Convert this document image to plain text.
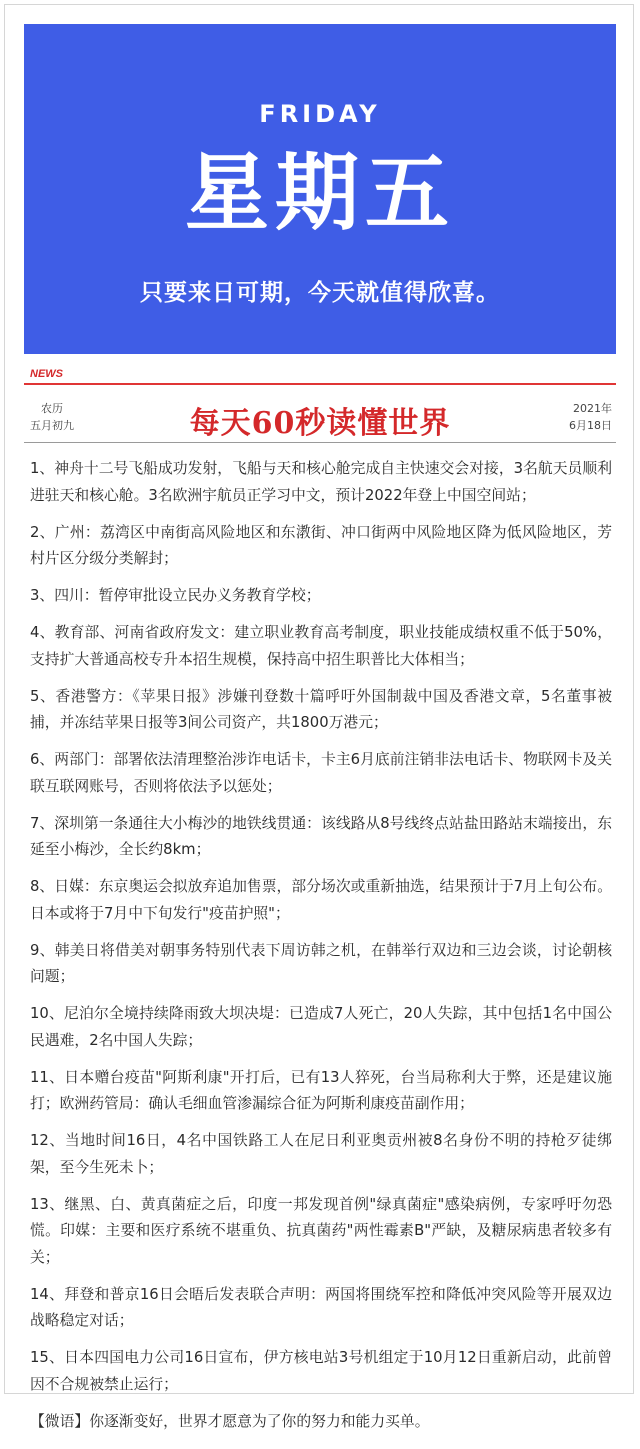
FRIDAY
星期五
只要来日可期，今天就值得欣喜。
NEWS
农历
五月初九	每天60秒读懂世界	2021年
6月18日

1、神舟十二号飞船成功发射，飞船与天和核心舱完成自主快速交会对接，3名航天员顺利进驻天和核心舱。3名欧洲宇航员正学习中文，预计2022年登上中国空间站；

2、广州：荔湾区中南街高风险地区和东漖街、冲口街两中风险地区降为低风险地区，芳村片区分级分类解封；

3、四川：暂停审批设立民办义务教育学校；

4、教育部、河南省政府发文：建立职业教育高考制度，职业技能成绩权重不低于50%，支持扩大普通高校专升本招生规模，保持高中招生职普比大体相当；

5、香港警方：《苹果日报》涉嫌刊登数十篇呼吁外国制裁中国及香港文章，5名董事被捕，并冻结苹果日报等3间公司资产，共1800万港元；

6、两部门：部署依法清理整治涉诈电话卡，卡主6月底前注销非法电话卡、物联网卡及关联互联网账号，否则将依法予以惩处；

7、深圳第一条通往大小梅沙的地铁线贯通：该线路从8号线终点站盐田路站末端接出，东延至小梅沙，全长约8km；

8、日媒：东京奥运会拟放弃追加售票，部分场次或重新抽选，结果预计于7月上旬公布。日本或将于7月中下旬发行"疫苗护照"；

9、韩美日将借美对朝事务特别代表下周访韩之机，在韩举行双边和三边会谈，讨论朝核问题；

10、尼泊尔全境持续降雨致大坝决堤：已造成7人死亡，20人失踪，其中包括1名中国公民遇难，2名中国人失踪；

11、日本赠台疫苗"阿斯利康"开打后，已有13人猝死，台当局称利大于弊，还是建议施打；欧洲药管局：确认毛细血管渗漏综合征为阿斯利康疫苗副作用；

12、当地时间16日，4名中国铁路工人在尼日利亚奥贡州被8名身份不明的持枪歹徒绑架，至今生死未卜；

13、继黑、白、黄真菌症之后，印度一邦发现首例"绿真菌症"感染病例，专家呼吁勿恐慌。印媒：主要和医疗系统不堪重负、抗真菌药"两性霉素B"严缺，及糖尿病患者较多有关；

14、拜登和普京16日会晤后发表联合声明：两国将围绕军控和降低冲突风险等开展双边战略稳定对话；

15、日本四国电力公司16日宣布，伊方核电站3号机组定于10月12日重新启动，此前曾因不合规被禁止运行；

【微语】你逐渐变好，世界才愿意为了你的努力和能力买单。
